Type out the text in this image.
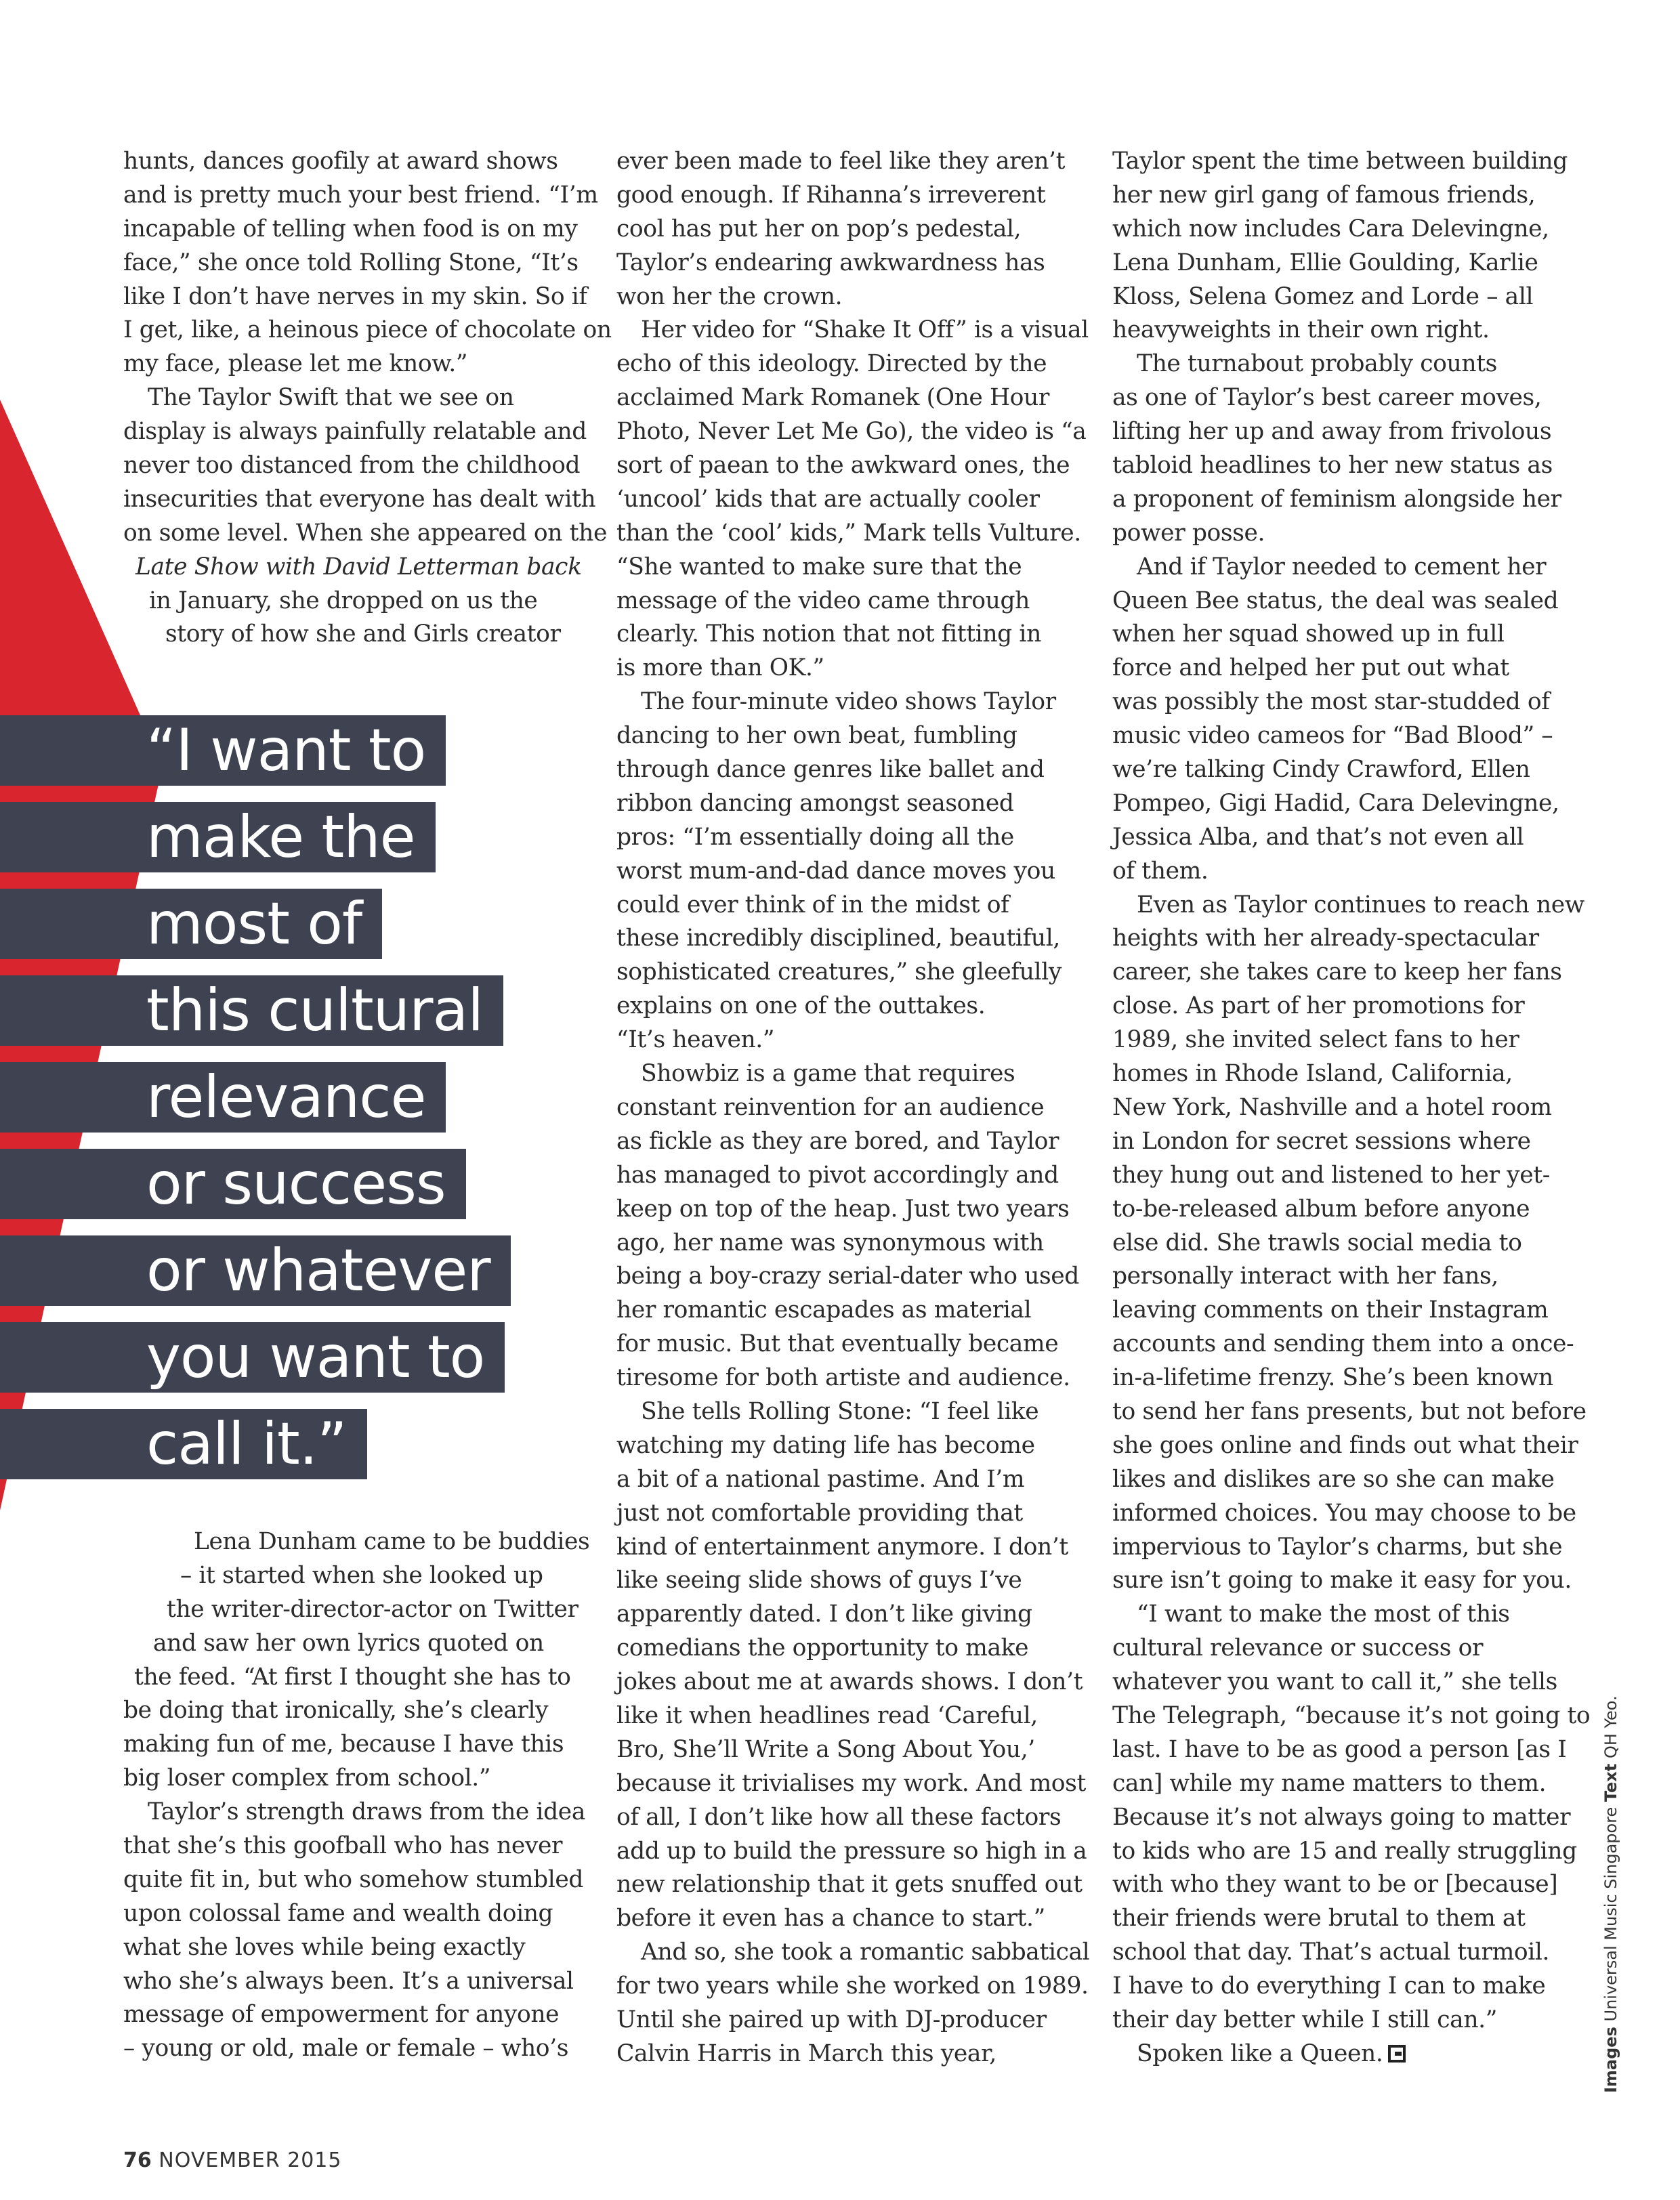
hunts, dances goofily at award shows
and is pretty much your best friend. “I’m
incapable of telling when food is on my
face,” she once told Rolling Stone, “It’s
like I don’t have nerves in my skin. So if
I get, like, a heinous piece of chocolate on
my face, please let me know.”
The Taylor Swift that we see on
display is always painfully relatable and
never too distanced from the childhood
insecurities that everyone has dealt with
on some level. When she appeared on the
Late Show with David Letterman back
in January, she dropped on us the
story of how she and Girls creator
“I want to
make the
most of
this cultural
relevance
or success
or whatever
you want to
call it.”
Lena Dunham came to be buddies
– it started when she looked up
the writer-director-actor on Twitter
and saw her own lyrics quoted on
the feed. “At first I thought she has to
be doing that ironically, she’s clearly
making fun of me, because I have this
big loser complex from school.”
Taylor’s strength draws from the idea
that she’s this goofball who has never
quite fit in, but who somehow stumbled
upon colossal fame and wealth doing
what she loves while being exactly
who she’s always been. It’s a universal
message of empowerment for anyone
– young or old, male or female – who’s
ever been made to feel like they aren’t
good enough. If Rihanna’s irreverent
cool has put her on pop’s pedestal,
Taylor’s endearing awkwardness has
won her the crown.
Her video for “Shake It Off” is a visual
echo of this ideology. Directed by the
acclaimed Mark Romanek (One Hour
Photo, Never Let Me Go), the video is “a
sort of paean to the awkward ones, the
‘uncool’ kids that are actually cooler
than the ‘cool’ kids,” Mark tells Vulture.
“She wanted to make sure that the
message of the video came through
clearly. This notion that not fitting in
is more than OK.”
The four-minute video shows Taylor
dancing to her own beat, fumbling
through dance genres like ballet and
ribbon dancing amongst seasoned
pros: “I’m essentially doing all the
worst mum-and-dad dance moves you
could ever think of in the midst of
these incredibly disciplined, beautiful,
sophisticated creatures,” she gleefully
explains on one of the outtakes.
“It’s heaven.”
Showbiz is a game that requires
constant reinvention for an audience
as fickle as they are bored, and Taylor
has managed to pivot accordingly and
keep on top of the heap. Just two years
ago, her name was synonymous with
being a boy-crazy serial-dater who used
her romantic escapades as material
for music. But that eventually became
tiresome for both artiste and audience.
She tells Rolling Stone: “I feel like
watching my dating life has become
a bit of a national pastime. And I’m
just not comfortable providing that
kind of entertainment anymore. I don’t
like seeing slide shows of guys I’ve
apparently dated. I don’t like giving
comedians the opportunity to make
jokes about me at awards shows. I don’t
like it when headlines read ‘Careful,
Bro, She’ll Write a Song About You,’
because it trivialises my work. And most
of all, I don’t like how all these factors
add up to build the pressure so high in a
new relationship that it gets snuffed out
before it even has a chance to start.”
And so, she took a romantic sabbatical
for two years while she worked on 1989.
Until she paired up with DJ-producer
Calvin Harris in March this year,
Taylor spent the time between building
her new girl gang of famous friends,
which now includes Cara Delevingne,
Lena Dunham, Ellie Goulding, Karlie
Kloss, Selena Gomez and Lorde – all
heavyweights in their own right.
The turnabout probably counts
as one of Taylor’s best career moves,
lifting her up and away from frivolous
tabloid headlines to her new status as
a proponent of feminism alongside her
power posse.
And if Taylor needed to cement her
Queen Bee status, the deal was sealed
when her squad showed up in full
force and helped her put out what
was possibly the most star-studded of
music video cameos for “Bad Blood” –
we’re talking Cindy Crawford, Ellen
Pompeo, Gigi Hadid, Cara Delevingne,
Jessica Alba, and that’s not even all
of them.
Even as Taylor continues to reach new
heights with her already-spectacular
career, she takes care to keep her fans
close. As part of her promotions for
1989, she invited select fans to her
homes in Rhode Island, California,
New York, Nashville and a hotel room
in London for secret sessions where
they hung out and listened to her yet-
to-be-released album before anyone
else did. She trawls social media to
personally interact with her fans,
leaving comments on their Instagram
accounts and sending them into a once-
in-a-lifetime frenzy. She’s been known
to send her fans presents, but not before
she goes online and finds out what their
likes and dislikes are so she can make
informed choices. You may choose to be
impervious to Taylor’s charms, but she
sure isn’t going to make it easy for you.
“I want to make the most of this
cultural relevance or success or
whatever you want to call it,” she tells
The Telegraph, “because it’s not going to
last. I have to be as good a person [as I
can] while my name matters to them.
Because it’s not always going to matter
to kids who are 15 and really struggling
with who they want to be or [because]
their friends were brutal to them at
school that day. That’s actual turmoil.
I have to do everything I can to make
their day better while I still can.”
Spoken like a Queen.
76 NOVEMBER 2015
Images Universal Music Singapore Text QH Yeo.
